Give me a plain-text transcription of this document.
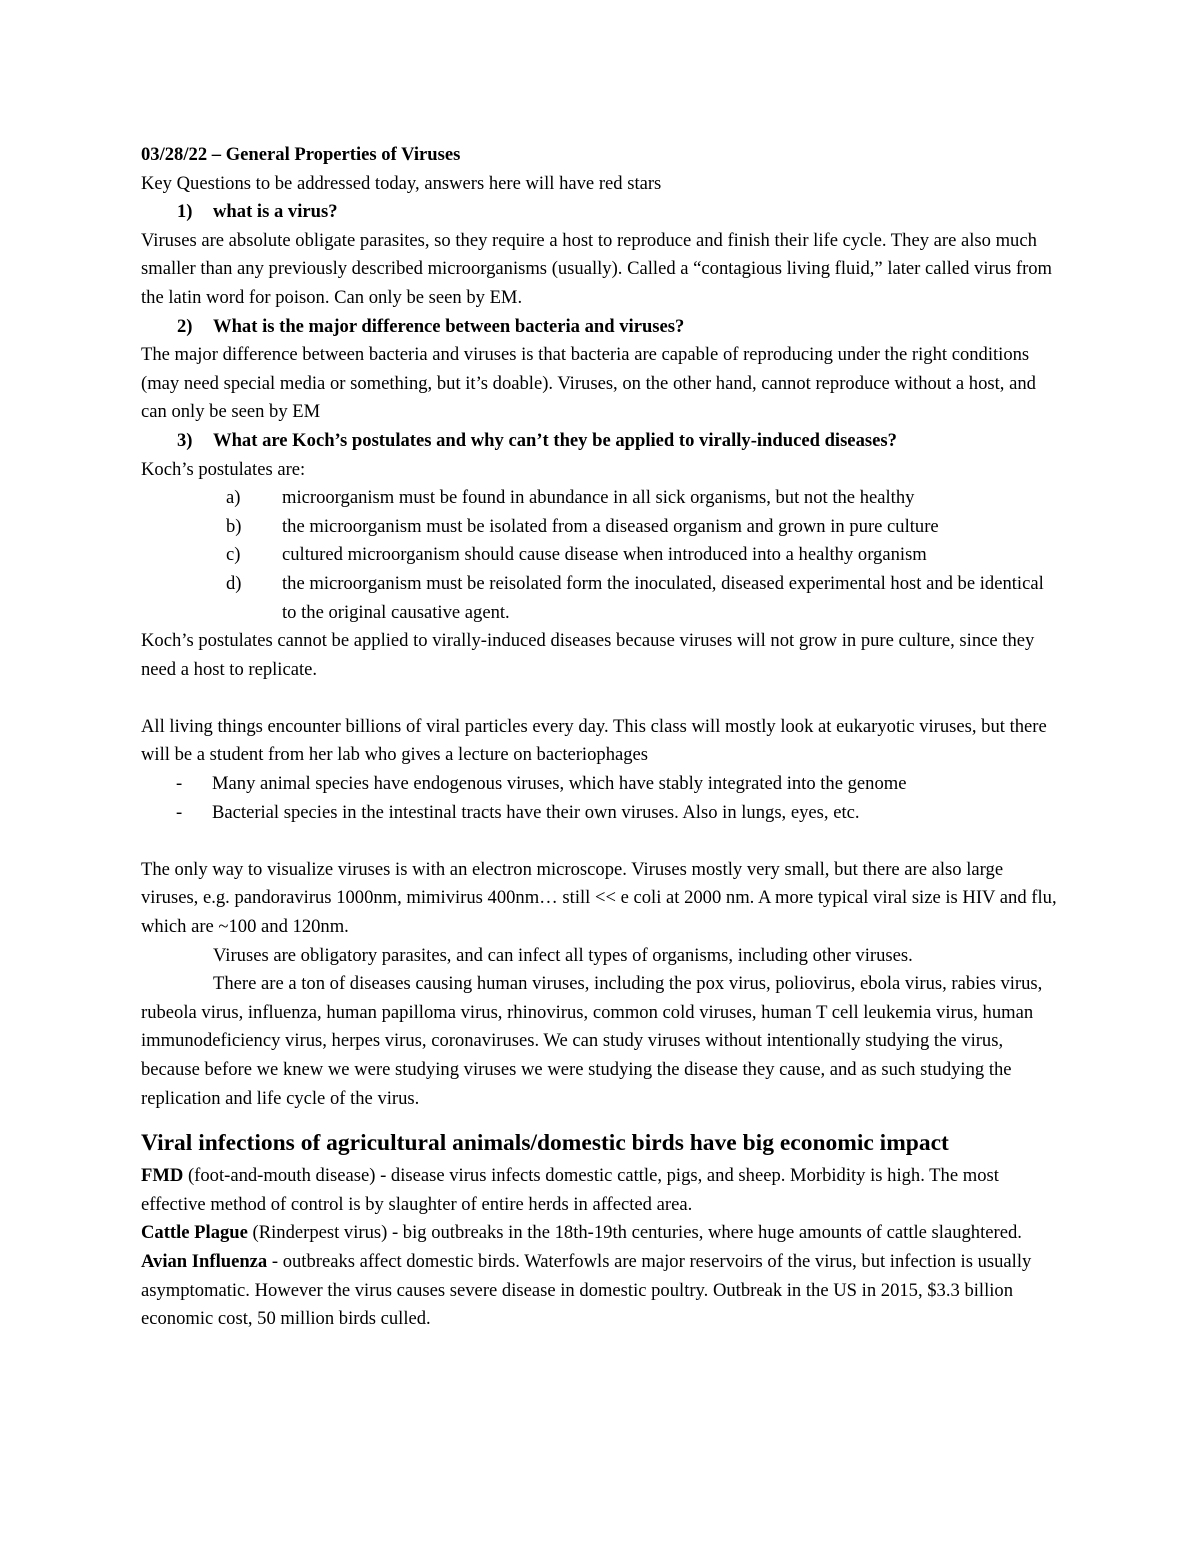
03/28/22 – General Properties of Viruses

Key Questions to be addressed today, answers here will have red stars

1)	what is a virus?

Viruses are absolute obligate parasites, so they require a host to reproduce and finish their life cycle. They are also much smaller than any previously described microorganisms (usually). Called a “contagious living fluid,” later called virus from the latin word for poison. Can only be seen by EM.

2)	What is the major difference between bacteria and viruses?

The major difference between bacteria and viruses is that bacteria are capable of reproducing under the right conditions (may need special media or something, but it’s doable). Viruses, on the other hand, cannot reproduce without a host, and can only be seen by EM

3)	What are Koch’s postulates and why can’t they be applied to virally-induced diseases?

Koch’s postulates are:

a)	microorganism must be found in abundance in all sick organisms, but not the healthy
b)	the microorganism must be isolated from a diseased organism and grown in pure culture
c)	cultured microorganism should cause disease when introduced into a healthy organism
d)	the microorganism must be reisolated form the inoculated, diseased experimental host and be identical to the original causative agent.

Koch’s postulates cannot be applied to virally-induced diseases because viruses will not grow in pure culture, since they need a host to replicate.

All living things encounter billions of viral particles every day. This class will mostly look at eukaryotic viruses, but there will be a student from her lab who gives a lecture on bacteriophages

-	Many animal species have endogenous viruses, which have stably integrated into the genome
-	Bacterial species in the intestinal tracts have their own viruses. Also in lungs, eyes, etc.

The only way to visualize viruses is with an electron microscope. Viruses mostly very small, but there are also large viruses, e.g. pandoravirus 1000nm, mimivirus 400nm… still << e coli at 2000 nm. A more typical viral size is HIV and flu, which are ~100 and 120nm.

Viruses are obligatory parasites, and can infect all types of organisms, including other viruses.

There are a ton of diseases causing human viruses, including the pox virus, poliovirus, ebola virus, rabies virus, rubeola virus, influenza, human papilloma virus, rhinovirus, common cold viruses, human T cell leukemia virus, human immunodeficiency virus, herpes virus, coronaviruses. We can study viruses without intentionally studying the virus, because before we knew we were studying viruses we were studying the disease they cause, and as such studying the replication and life cycle of the virus.

Viral infections of agricultural animals/domestic birds have big economic impact

FMD (foot-and-mouth disease) - disease virus infects domestic cattle, pigs, and sheep. Morbidity is high. The most effective method of control is by slaughter of entire herds in affected area.

Cattle Plague (Rinderpest virus) - big outbreaks in the 18th-19th centuries, where huge amounts of cattle slaughtered.

Avian Influenza - outbreaks affect domestic birds. Waterfowls are major reservoirs of the virus, but infection is usually asymptomatic. However the virus causes severe disease in domestic poultry. Outbreak in the US in 2015, $3.3 billion economic cost, 50 million birds culled.
